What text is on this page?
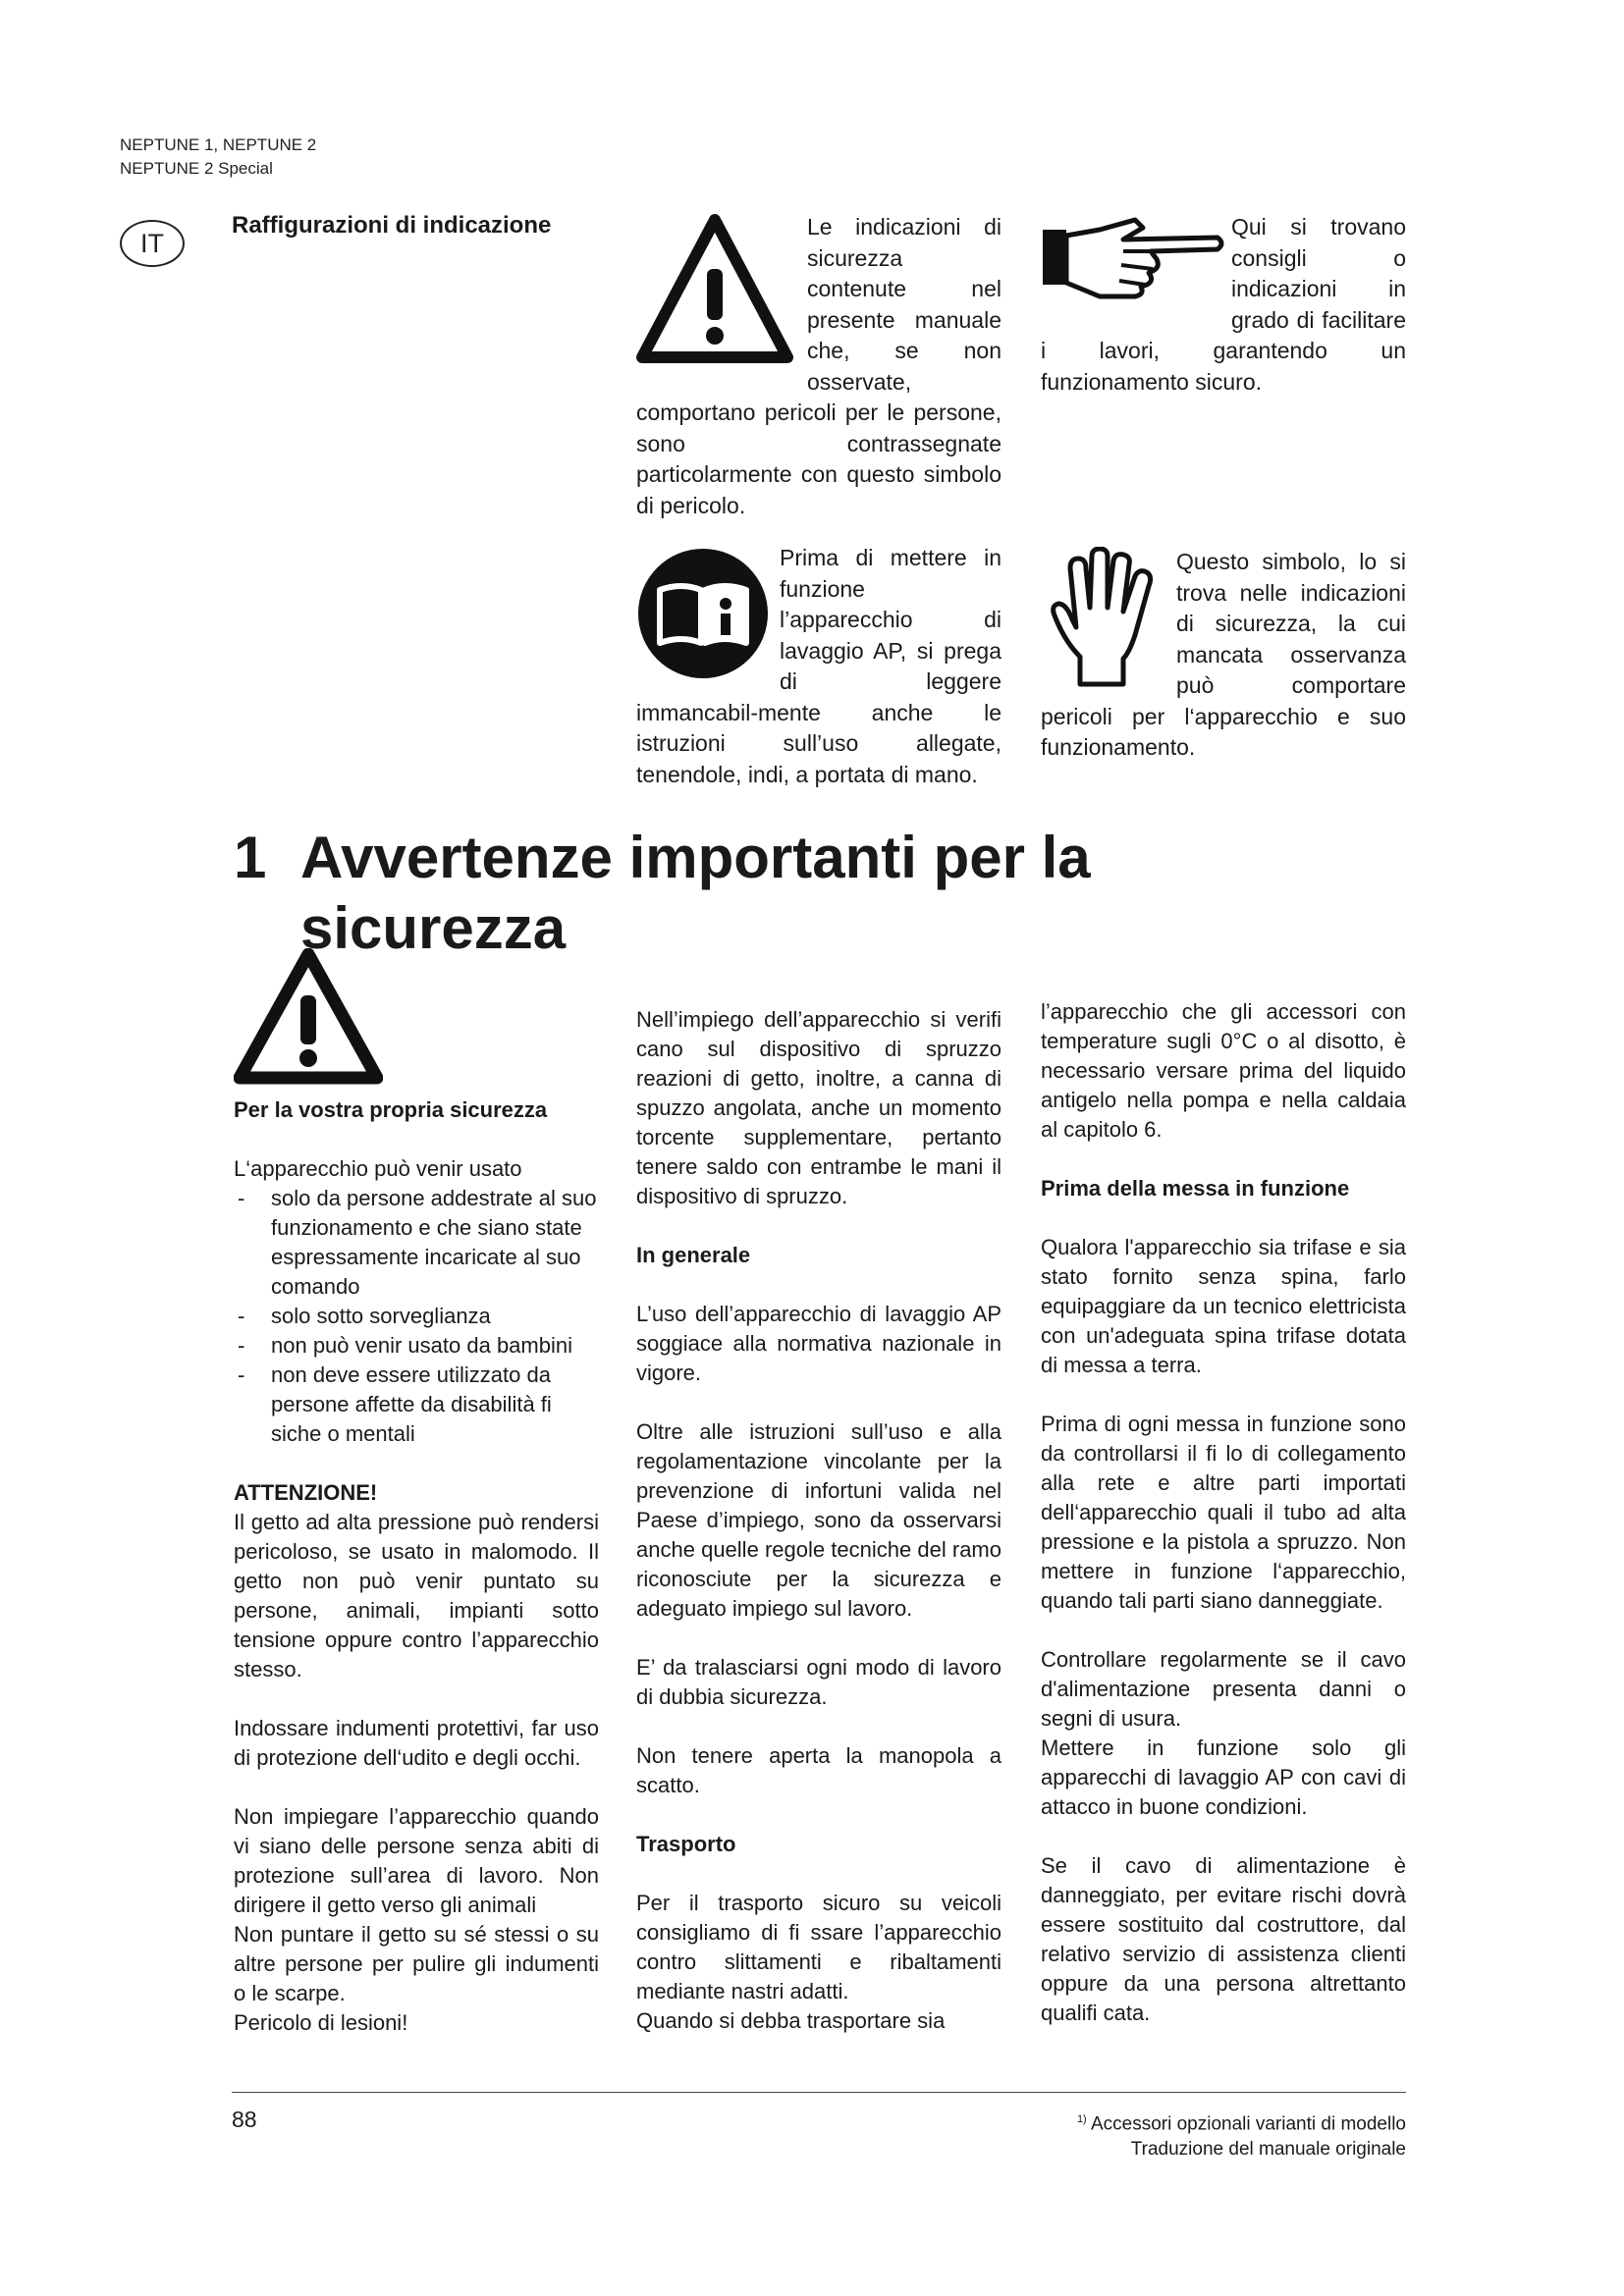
NEPTUNE 1, NEPTUNE 2
NEPTUNE 2 Special
IT
Raffigurazioni di indicazione	Le indicazioni di sicurezza contenute nel presente manuale che, se non osservate, comportano pericoli per le persone, sono contrassegnate particolarmente con questo simbolo di pericolo.

Qui si trovano consigli o indicazioni in grado di facilitare i lavori, garantendo un funzionamento sicuro.

Prima di mettere in funzione l’apparecchio di lavaggio AP, si prega di leggere immancabil-mente anche le istruzioni sull’uso allegate, tenendole, indi, a portata di mano.

Questo simbolo, lo si trova nelle indicazioni di sicurezza, la cui mancata osservanza può comportare pericoli per l‘apparecchio e suo funzionamento.

1 Avvertenze importanti per la sicurezza
Per la vostra propria sicurezza

L‘apparecchio può venir usato

- solo da persone addestrate al suo funzionamento e che siano state espressamente incaricate al suo comando
- solo sotto sorveglianza
- non può venir usato da bambini
- non deve essere utilizzato da persone affette da disabilità fi siche o mentali
ATTENZIONE!

Il getto ad alta pressione può rendersi pericoloso, se usato in malomodo. Il getto non può venir puntato su persone, animali, impianti sotto tensione oppure contro l’apparecchio stesso.

Indossare indumenti protettivi, far uso di protezione dell‘udito e degli occhi.

Non impiegare l’apparecchio quando vi siano delle persone senza abiti di protezione sull’area di lavoro. Non dirigere il getto verso gli animali

Non puntare il getto su sé stessi o su altre persone per pulire gli indumenti o le scarpe.

Pericolo di lesioni!

Nell’impiego dell’apparecchio si verifi cano sul dispositivo di spruzzo reazioni di getto, inoltre, a canna di spuzzo angolata, anche un momento torcente supplementare, pertanto tenere saldo con entrambe le mani il dispositivo di spruzzo.

In generale

L’uso dell’apparecchio di lavaggio AP soggiace alla normativa nazionale in vigore.

Oltre alle istruzioni sull’uso e alla regolamentazione vincolante per la prevenzione di infortuni valida nel Paese d’impiego, sono da osservarsi anche quelle regole tecniche del ramo riconosciute per la sicurezza e adeguato impiego sul lavoro.

E’ da tralasciarsi ogni modo di lavoro di dubbia sicurezza.

Non tenere aperta la manopola a scatto.

Trasporto

Per il trasporto sicuro su veicoli consigliamo di fi ssare l’apparecchio contro slittamenti e ribaltamenti mediante nastri adatti.

Quando si debba trasportare sia

l’apparecchio che gli accessori con temperature sugli 0°C o al disotto, è necessario versare prima del liquido antigelo nella pompa e nella caldaia al capitolo 6.

Prima della messa in funzione

Qualora l'apparecchio sia trifase e sia stato fornito senza spina, farlo equipaggiare da un tecnico elettricista con un'adeguata spina trifase dotata di messa a terra.

Prima di ogni messa in funzione sono da controllarsi il fi lo di collegamento alla rete e altre parti importati dell‘apparecchio quali il tubo ad alta pressione e la pistola a spruzzo. Non mettere in funzione l‘apparecchio, quando tali parti siano danneggiate.

Controllare regolarmente se il cavo d'alimentazione presenta danni o segni di usura.

Mettere in funzione solo gli apparecchi di lavaggio AP con cavi di attacco in buone condizioni.

Se il cavo di alimentazione è danneggiato, per evitare rischi dovrà essere sostituito dal costruttore, dal relativo servizio di assistenza clienti oppure da una persona altrettanto qualifi cata.

88	$^{1)}$ Accessori opzionali varianti di modello
Traduzione del manuale originale
